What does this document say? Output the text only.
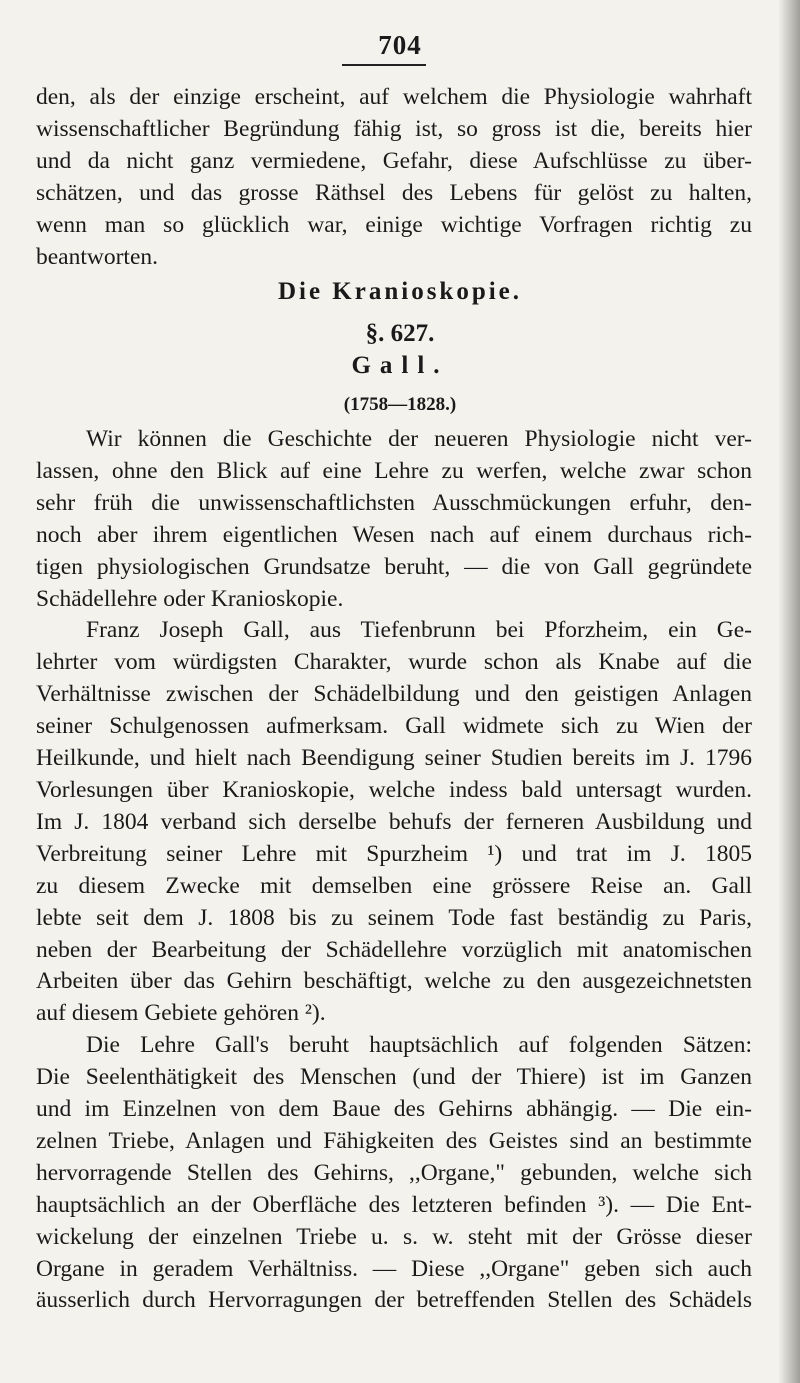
704
den, als der einzige erscheint, auf welchem die Physiologie wahrhaft
wissenschaftlicher Begründung fähig ist, so gross ist die, bereits hier
und da nicht ganz vermiedene, Gefahr, diese Aufschlüsse zu über-
schätzen, und das grosse Räthsel des Lebens für gelöst zu halten,
wenn man so glücklich war, einige wichtige Vorfragen richtig zu
beantworten.
Die Kranioskopie.
§. 627.
Gall.
(1758—1828.)
Wir können die Geschichte der neueren Physiologie nicht ver-
lassen, ohne den Blick auf eine Lehre zu werfen, welche zwar schon
sehr früh die unwissenschaftlichsten Ausschmückungen erfuhr, den-
noch aber ihrem eigentlichen Wesen nach auf einem durchaus rich-
tigen physiologischen Grundsatze beruht, — die von Gall gegründete
Schädellehre oder Kranioskopie.
Franz Joseph Gall, aus Tiefenbrunn bei Pforzheim, ein Ge-
lehrter vom würdigsten Charakter, wurde schon als Knabe auf die
Verhältnisse zwischen der Schädelbildung und den geistigen Anlagen
seiner Schulgenossen aufmerksam. Gall widmete sich zu Wien der
Heilkunde, und hielt nach Beendigung seiner Studien bereits im J. 1796
Vorlesungen über Kranioskopie, welche indess bald untersagt wurden.
Im J. 1804 verband sich derselbe behufs der ferneren Ausbildung und
Verbreitung seiner Lehre mit Spurzheim ¹) und trat im J. 1805
zu diesem Zwecke mit demselben eine grössere Reise an. Gall
lebte seit dem J. 1808 bis zu seinem Tode fast beständig zu Paris,
neben der Bearbeitung der Schädellehre vorzüglich mit anatomischen
Arbeiten über das Gehirn beschäftigt, welche zu den ausgezeichnetsten
auf diesem Gebiete gehören ²).
Die Lehre Gall's beruht hauptsächlich auf folgenden Sätzen:
Die Seelenthätigkeit des Menschen (und der Thiere) ist im Ganzen
und im Einzelnen von dem Baue des Gehirns abhängig. — Die ein-
zelnen Triebe, Anlagen und Fähigkeiten des Geistes sind an bestimmte
hervorragende Stellen des Gehirns, ,,Organe," gebunden, welche sich
hauptsächlich an der Oberfläche des letzteren befinden ³). — Die Ent-
wickelung der einzelnen Triebe u. s. w. steht mit der Grösse dieser
Organe in geradem Verhältniss. — Diese ,,Organe" geben sich auch
äusserlich durch Hervorragungen der betreffenden Stellen des Schädels
